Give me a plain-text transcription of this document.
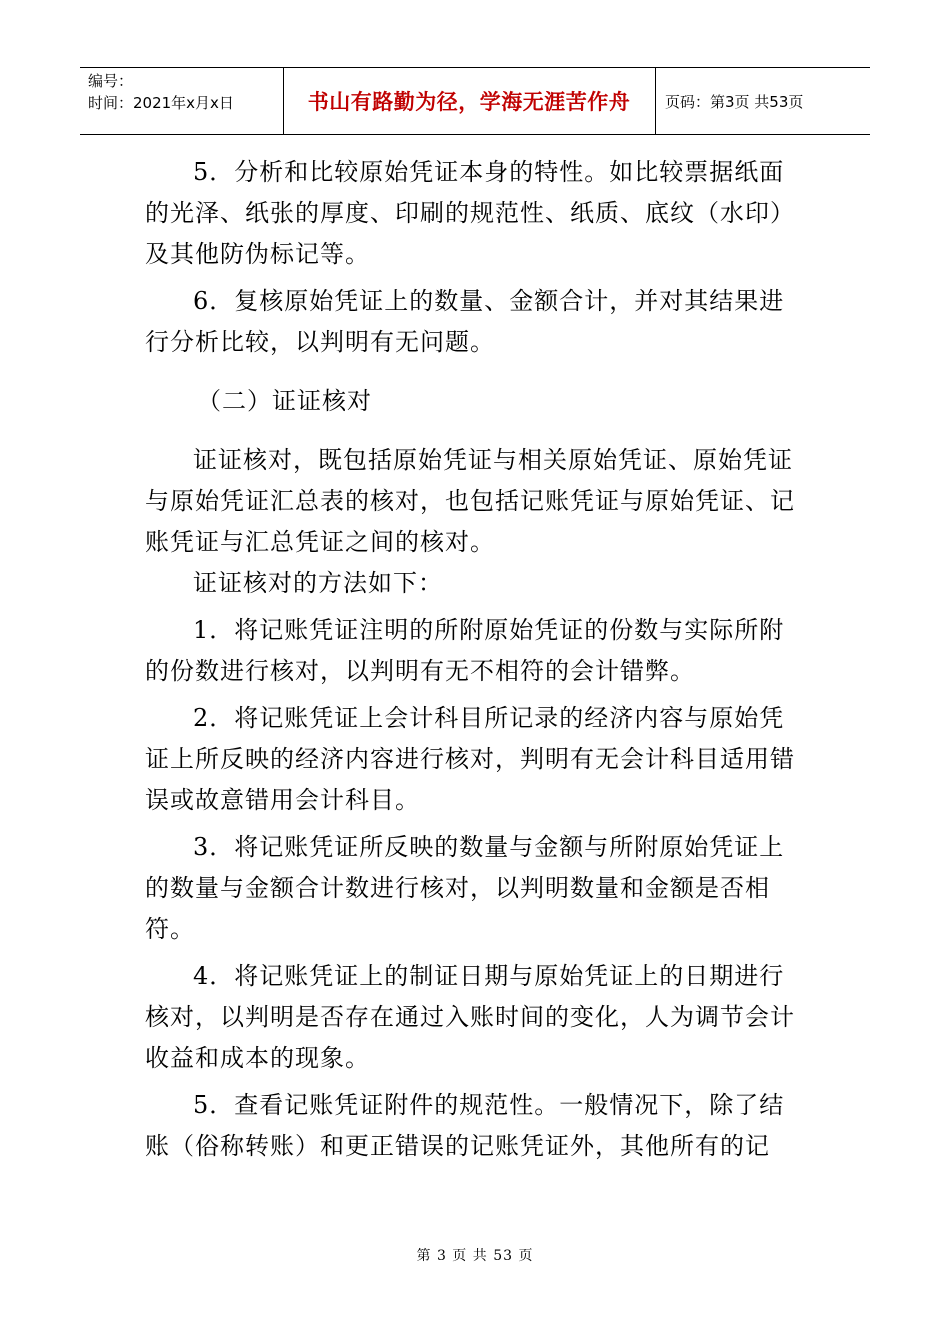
编号：
时间：2021年x月x日	书山有路勤为径，学海无涯苦作舟	页码：第3页 共53页

5．分析和比较原始凭证本身的特性。如比较票据纸面的光泽、纸张的厚度、印刷的规范性、纸质、底纹（水印）及其他防伪标记等。

6．复核原始凭证上的数量、金额合计，并对其结果进行分析比较，以判明有无问题。

（二）证证核对

证证核对，既包括原始凭证与相关原始凭证、原始凭证与原始凭证汇总表的核对，也包括记账凭证与原始凭证、记账凭证与汇总凭证之间的核对。

证证核对的方法如下：

1．将记账凭证注明的所附原始凭证的份数与实际所附的份数进行核对，以判明有无不相符的会计错弊。

2．将记账凭证上会计科目所记录的经济内容与原始凭证上所反映的经济内容进行核对，判明有无会计科目适用错误或故意错用会计科目。

3．将记账凭证所反映的数量与金额与所附原始凭证上的数量与金额合计数进行核对，以判明数量和金额是否相符。

4．将记账凭证上的制证日期与原始凭证上的日期进行核对，以判明是否存在通过入账时间的变化，人为调节会计收益和成本的现象。

5．查看记账凭证附件的规范性。一般情况下，除了结账（俗称转账）和更正错误的记账凭证外，其他所有的记

第 3 页 共 53 页
